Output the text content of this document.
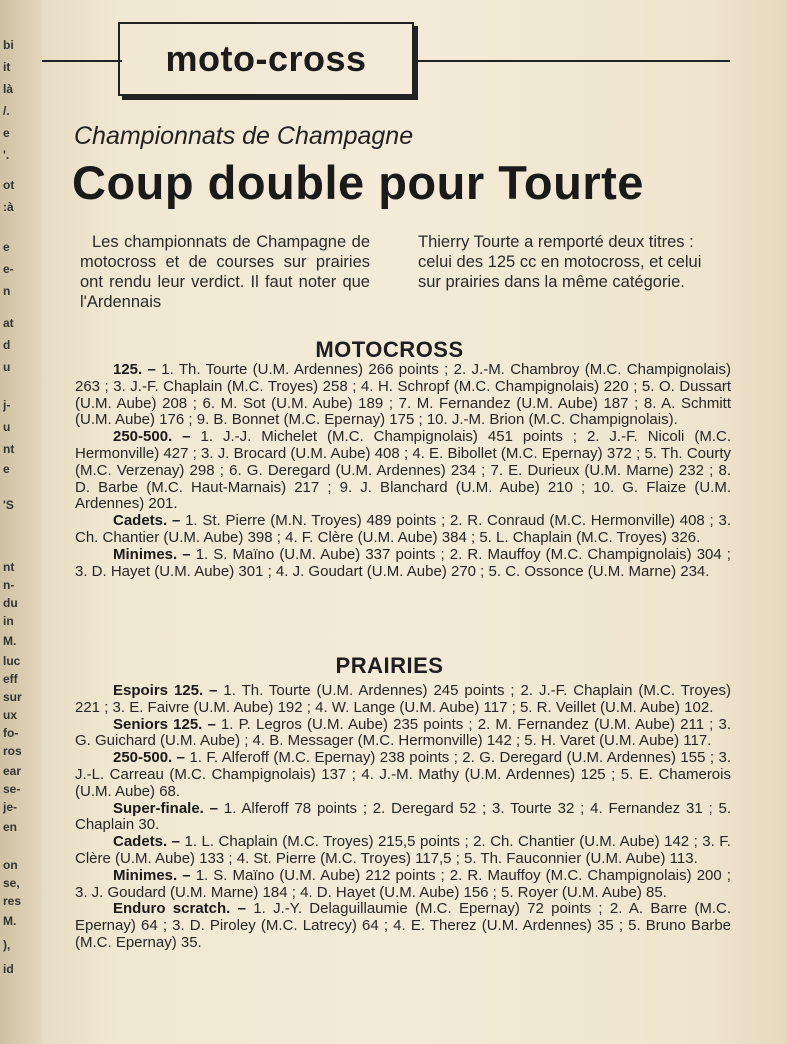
bi
it
là
/.
e
'.
ot
:à
e
e-
n
at
d
u
j-
u
nt
e
'S
nt
n-
du
in
M.
luc
eff
sur
ux
fo-
ros
ear
se-
je-
en
on
se,
res
M.
),
id
moto-cross
Championnats de Champagne
Coup double pour Tourte
Les championnats de Champagne de motocross et de courses sur prairies ont rendu leur verdict. Il faut noter que l'Ardennais
Thierry Tourte a remporté deux titres : celui des 125 cc en motocross, et celui sur prairies dans la même catégorie.
MOTOCROSS

125. – 1. Th. Tourte (U.M. Ardennes) 266 points ; 2. J.-M. Chambroy (M.C. Champignolais) 263 ; 3. J.-F. Chaplain (M.C. Troyes) 258 ; 4. H. Schropf (M.C. Champignolais) 220 ; 5. O. Dussart (U.M. Aube) 208 ; 6. M. Sot (U.M. Aube) 189 ; 7. M. Fernandez (U.M. Aube) 187 ; 8. A. Schmitt (U.M. Aube) 176 ; 9. B. Bonnet (M.C. Epernay) 175 ; 10. J.-M. Brion (M.C. Champignolais).

250-500. – 1. J.-J. Michelet (M.C. Champignolais) 451 points ; 2. J.-F. Nicoli (M.C. Hermonville) 427 ; 3. J. Brocard (U.M. Aube) 408 ; 4. E. Bibollet (M.C. Epernay) 372 ; 5. Th. Courty (M.C. Verzenay) 298 ; 6. G. Deregard (U.M. Ardennes) 234 ; 7. E. Durieux (U.M. Marne) 232 ; 8. D. Barbe (M.C. Haut-Marnais) 217 ; 9. J. Blanchard (U.M. Aube) 210 ; 10. G. Flaize (U.M. Ardennes) 201.

Cadets. – 1. St. Pierre (M.N. Troyes) 489 points ; 2. R. Conraud (M.C. Hermonville) 408 ; 3. Ch. Chantier (U.M. Aube) 398 ; 4. F. Clère (U.M. Aube) 384 ; 5. L. Chaplain (M.C. Troyes) 326.

Minimes. – 1. S. Maïno (U.M. Aube) 337 points ; 2. R. Mauffoy (M.C. Champignolais) 304 ; 3. D. Hayet (U.M. Aube) 301 ; 4. J. Goudart (U.M. Aube) 270 ; 5. C. Ossonce (U.M. Marne) 234.

PRAIRIES

Espoirs 125. – 1. Th. Tourte (U.M. Ardennes) 245 points ; 2. J.-F. Chaplain (M.C. Troyes) 221 ; 3. E. Faivre (U.M. Aube) 192 ; 4. W. Lange (U.M. Aube) 117 ; 5. R. Veillet (U.M. Aube) 102.

Seniors 125. – 1. P. Legros (U.M. Aube) 235 points ; 2. M. Fernandez (U.M. Aube) 211 ; 3. G. Guichard (U.M. Aube) ; 4. B. Messager (M.C. Hermonville) 142 ; 5. H. Varet (U.M. Aube) 117.

250-500. – 1. F. Alferoff (M.C. Epernay) 238 points ; 2. G. Deregard (U.M. Ardennes) 155 ; 3. J.-L. Carreau (M.C. Champignolais) 137 ; 4. J.-M. Mathy (U.M. Ardennes) 125 ; 5. E. Chamerois (U.M. Aube) 68.

Super-finale. – 1. Alferoff 78 points ; 2. Deregard 52 ; 3. Tourte 32 ; 4. Fernandez 31 ; 5. Chaplain 30.

Cadets. – 1. L. Chaplain (M.C. Troyes) 215,5 points ; 2. Ch. Chantier (U.M. Aube) 142 ; 3. F. Clère (U.M. Aube) 133 ; 4. St. Pierre (M.C. Troyes) 117,5 ; 5. Th. Fauconnier (U.M. Aube) 113.

Minimes. – 1. S. Maïno (U.M. Aube) 212 points ; 2. R. Mauffoy (M.C. Champignolais) 200 ; 3. J. Goudard (U.M. Marne) 184 ; 4. D. Hayet (U.M. Aube) 156 ; 5. Royer (U.M. Aube) 85.

Enduro scratch. – 1. J.-Y. Delaguillaumie (M.C. Epernay) 72 points ; 2. A. Barre (M.C. Epernay) 64 ; 3. D. Piroley (M.C. Latrecy) 64 ; 4. E. Therez (U.M. Ardennes) 35 ; 5. Bruno Barbe (M.C. Epernay) 35.
